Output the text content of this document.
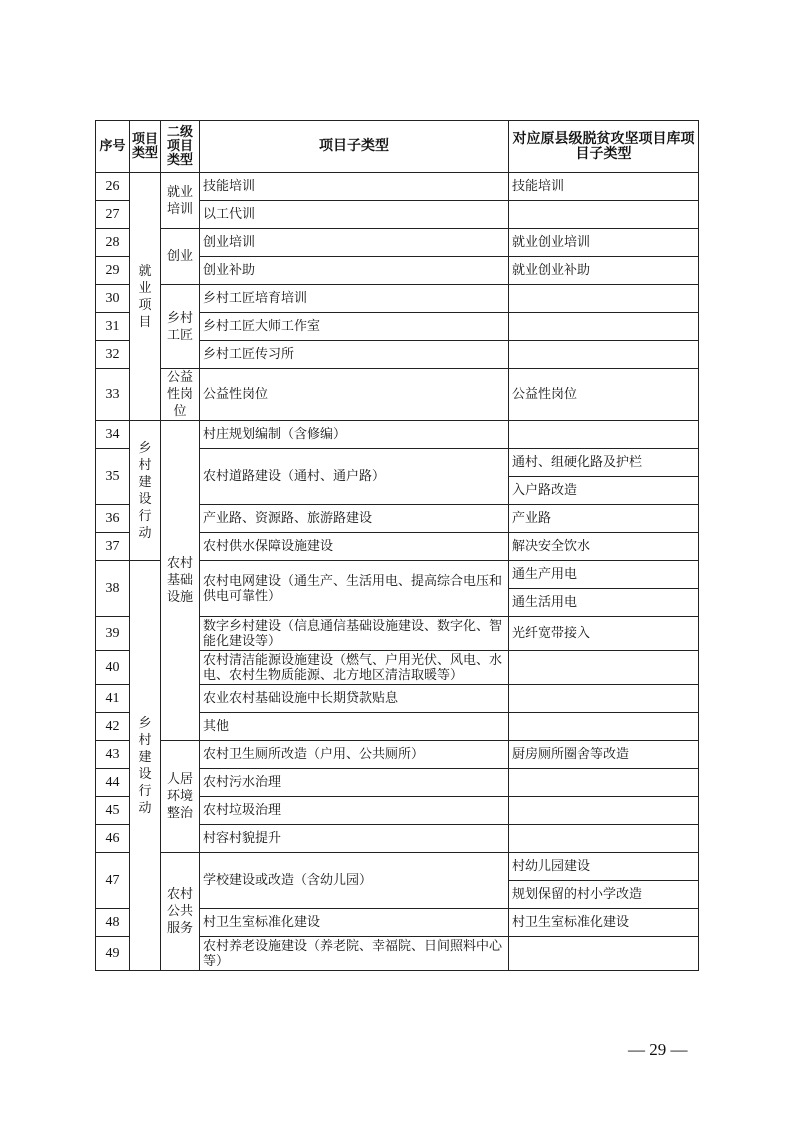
序号	项目类型	二级项目类型	项目子类型	对应原县级脱贫攻坚项目库项目子类型
26	就业项目	就业培训	技能培训	技能培训
27			以工代训	
28		创业	创业培训	就业创业培训
29			创业补助	就业创业补助
30		乡村工匠	乡村工匠培育培训	
31			乡村工匠大师工作室	
32			乡村工匠传习所	
33		公益性岗位	公益性岗位	公益性岗位
34	乡村建设行动	农村基础设施	村庄规划编制（含修编）	
35			农村道路建设（通村、通户路）	通村、组硬化路及护栏
				入户路改造
36			产业路、资源路、旅游路建设	产业路
37			农村供水保障设施建设	解决安全饮水
38	乡村建设行动		农村电网建设（通生产、生活用电、提高综合电压和供电可靠性）	通生产用电
				通生活用电
39			数字乡村建设（信息通信基础设施建设、数字化、智能化建设等）	光纤宽带接入
40			农村清洁能源设施建设（燃气、户用光伏、风电、水电、农村生物质能源、北方地区清洁取暖等）	
41			农业农村基础设施中长期贷款贴息	
42			其他	
43		人居环境整治	农村卫生厕所改造（户用、公共厕所）	厨房厕所圈舍等改造
44			农村污水治理	
45			农村垃圾治理	
46			村容村貌提升	
47		农村公共服务	学校建设或改造（含幼儿园）	村幼儿园建设
				规划保留的村小学改造
48			村卫生室标准化建设	村卫生室标准化建设
49			农村养老设施建设（养老院、幸福院、日间照料中心等）	
— 29 —
